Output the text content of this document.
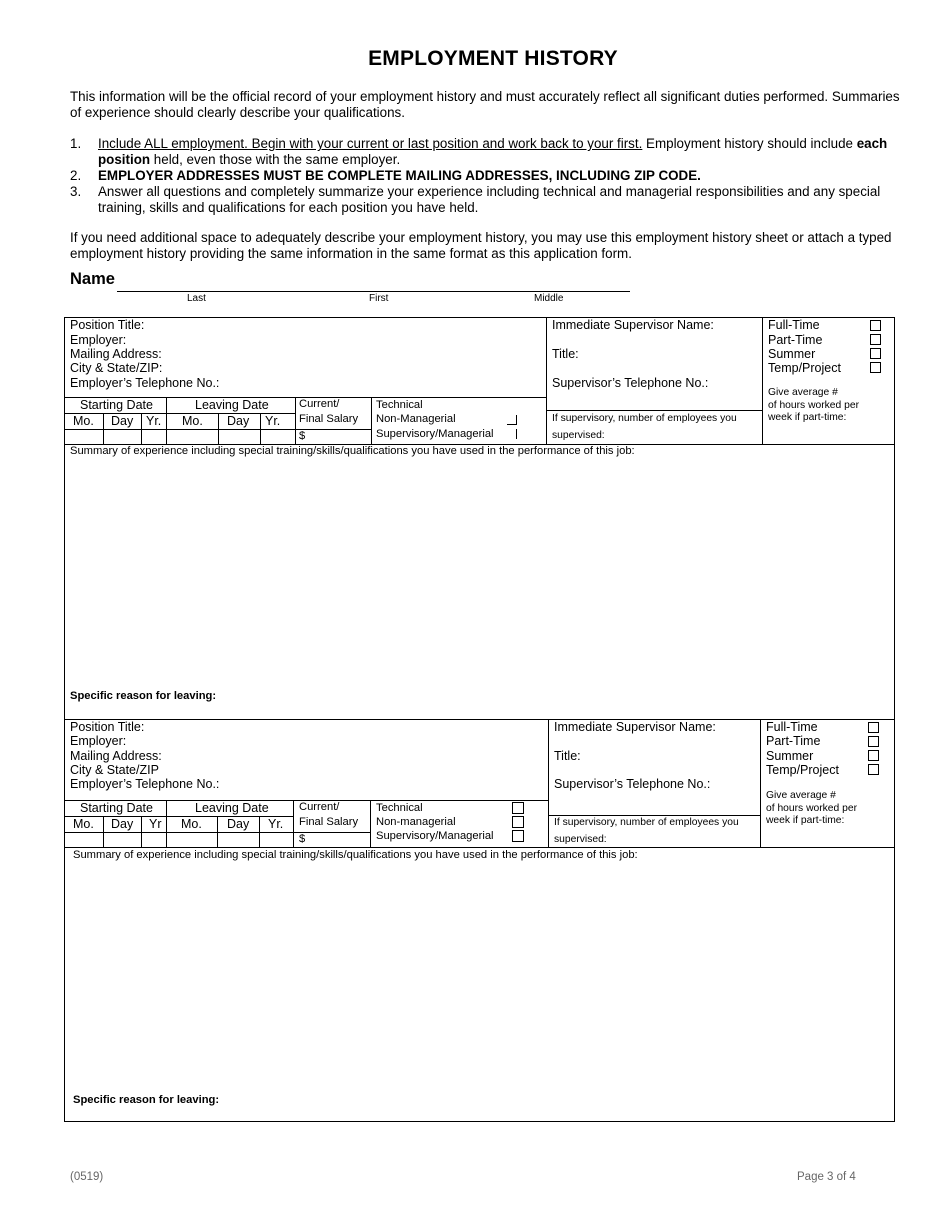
EMPLOYMENT HISTORY
This information will be the official record of your employment history and must accurately reflect all significant duties performed. Summaries of experience should clearly describe your qualifications.
1. Include ALL employment. Begin with your current or last position and work back to your first. Employment history should include each position held, even those with the same employer.
2. EMPLOYER ADDRESSES MUST BE COMPLETE MAILING ADDRESSES, INCLUDING ZIP CODE.
3. Answer all questions and completely summarize your experience including technical and managerial responsibilities and any special training, skills and qualifications for each position you have held.
If you need additional space to adequately describe your employment history, you may use this employment history sheet or attach a typed employment history providing the same information in the same format as this application form.
Name
Last	First	Middle
Position Title:
Employer:
Mailing Address:
City & State/ZIP:
Employer’s Telephone No.:
Starting Date	Leaving Date
Mo. Day Yr. Mo. Day Yr.
Current/
Final Salary
$
Technical
Non-Managerial
Supervisory/Managerial
Immediate Supervisor Name:
Title:
Supervisor’s Telephone No.:
If supervisory, number of employees you
supervised:
Full-Time
Part-Time
Summer
Temp/Project
Give average #
of hours worked per
week if part-time:
Summary of experience including special training/skills/qualifications you have used in the performance of this job:
Specific reason for leaving:
Position Title:
Employer:
Mailing Address:
City & State/ZIP
Employer’s Telephone No.:
Starting Date	Leaving Date
Mo. Day Yr Mo. Day Yr.
Current/
Final Salary
$
Technical
Non-managerial
Supervisory/Managerial
Immediate Supervisor Name:
Title:
Supervisor’s Telephone No.:
If supervisory, number of employees you
supervised:
Full-Time
Part-Time
Summer
Temp/Project
Give average #
of hours worked per
week if part-time:
Summary of experience including special training/skills/qualifications you have used in the performance of this job:
Specific reason for leaving:
(0519)	Page 3 of 4
